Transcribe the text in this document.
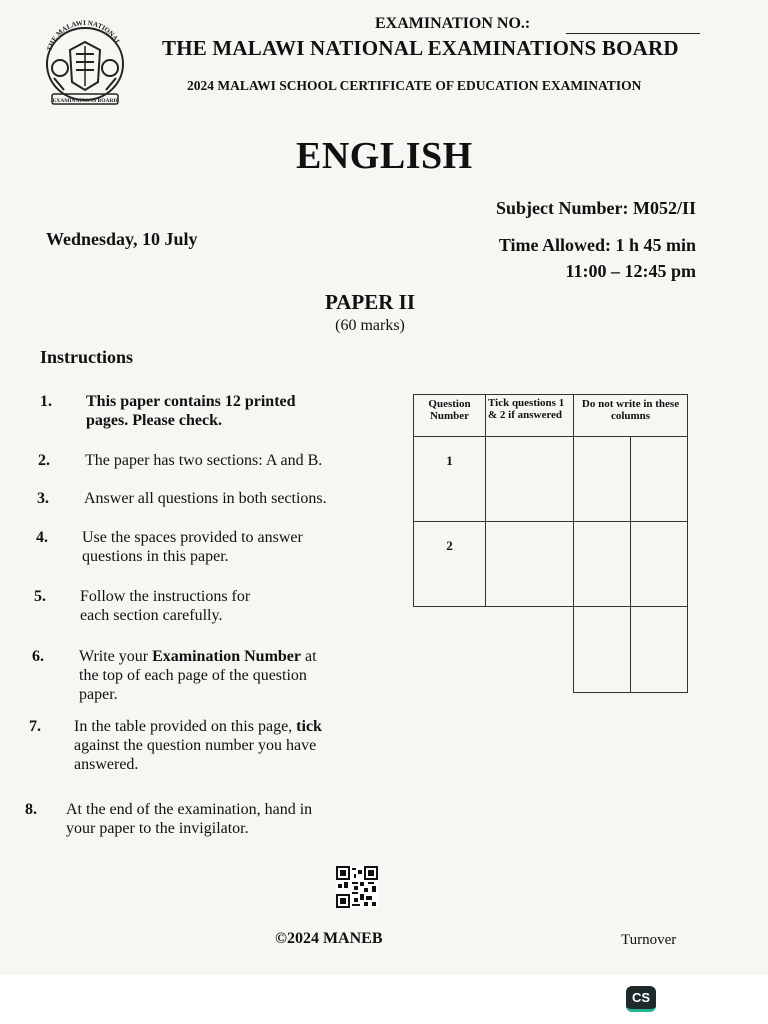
THE MALAWI NATIONAL
EXAMINATIONS BOARD
EXAMINATION NO.:
THE MALAWI NATIONAL EXAMINATIONS BOARD
2024 MALAWI SCHOOL CERTIFICATE OF EDUCATION EXAMINATION
ENGLISH
Subject Number: M052/II
Wednesday, 10 July	Time Allowed: 1 h 45 min
11:00 – 12:45 pm
PAPER II
(60 marks)
Instructions
1. This paper contains 12 printed
pages. Please check.
2. The paper has two sections: A and B.
3. Answer all questions in both sections.
4. Use the spaces provided to answer
questions in this paper.
5. Follow the instructions for
each section carefully.
6. Write your Examination Number at
the top of each page of the question
paper.
7. In the table provided on this page, tick
against the question number you have
answered.
8. At the end of the examination, hand in
your paper to the invigilator.
Question Number	Tick questions 1 & 2 if answered	Do not write in these columns	
1			
2			

©2024 MANEB	Turnover
CS
